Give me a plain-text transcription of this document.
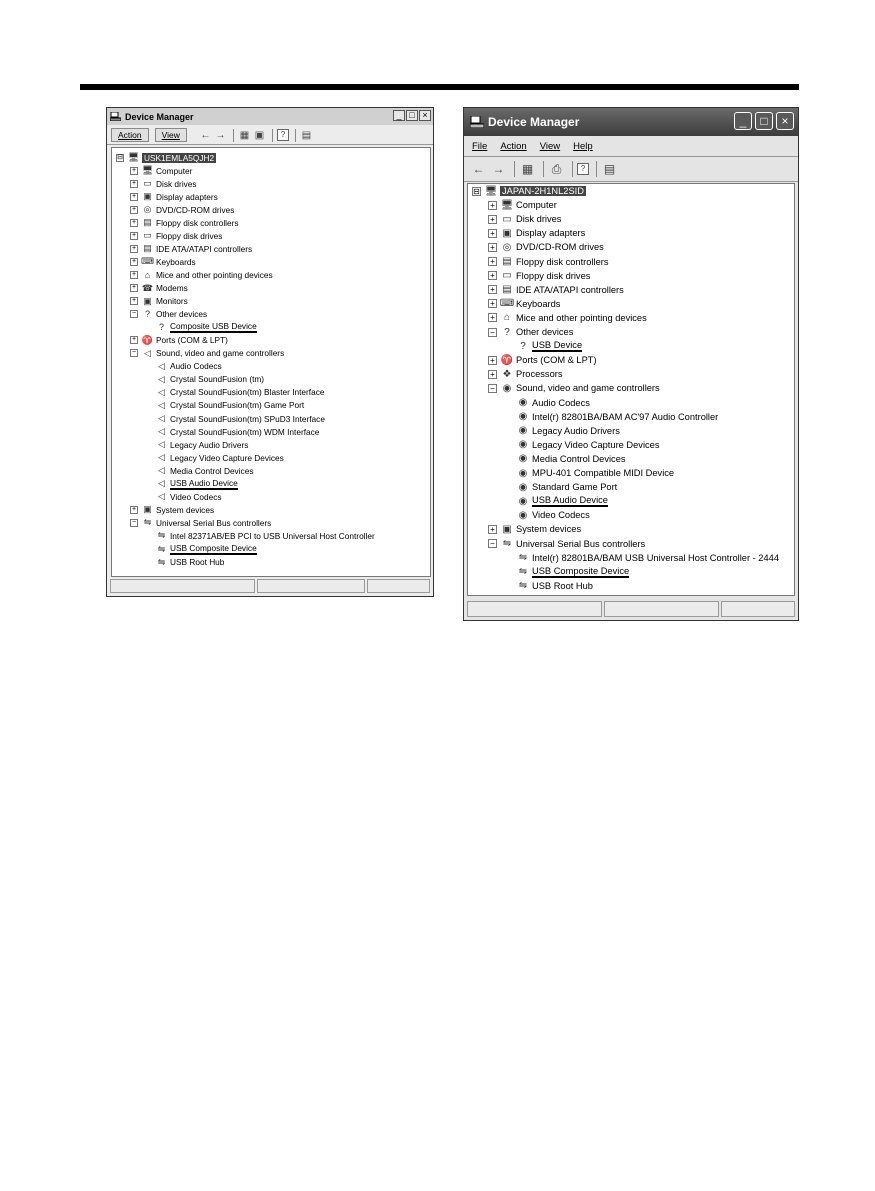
Device Manager	_ □ ×
Action	View	← → ▦ ▣	?	▤
⊟ 🖥 USK1EMLA5QJH2
+ 🖥 Computer
+ ▭ Disk drives
+ ▣ Display adapters
+ ◎ DVD/CD-ROM drives
+ ▤ Floppy disk controllers
+ ▭ Floppy disk drives
+ ▤ IDE ATA/ATAPI controllers
+ ⌨ Keyboards
+ ⌂ Mice and other pointing devices
+ ☎ Modems
+ ▣ Monitors
− ? Other devices
? Composite USB Device
+ ♈ Ports (COM & LPT)
− ◁ Sound, video and game controllers
◁ Audio Codecs
◁ Crystal SoundFusion (tm)
◁ Crystal SoundFusion(tm) Blaster Interface
◁ Crystal SoundFusion(tm) Game Port
◁ Crystal SoundFusion(tm) SPuD3 Interface
◁ Crystal SoundFusion(tm) WDM Interface
◁ Legacy Audio Drivers
◁ Legacy Video Capture Devices
◁ Media Control Devices
◁ USB Audio Device
◁ Video Codecs
+ ▣ System devices
− ⇋ Universal Serial Bus controllers
⇋ Intel 82371AB/EB PCI to USB Universal Host Controller
⇋ USB Composite Device
⇋ USB Root Hub
Device Manager	_	□	×
File Action View Help
← → ▦	⎙	?	▤
⊟ 🖥 JAPAN-2H1NL2SID
+ 🖥 Computer
+ ▭ Disk drives
+ ▣ Display adapters
+ ◎ DVD/CD-ROM drives
+ ▤ Floppy disk controllers
+ ▭ Floppy disk drives
+ ▤ IDE ATA/ATAPI controllers
+ ⌨ Keyboards
+ ⌂ Mice and other pointing devices
− ? Other devices
? USB Device
+ ♈ Ports (COM & LPT)
+ ❖ Processors
− ◉ Sound, video and game controllers
◉ Audio Codecs
◉ Intel(r) 82801BA/BAM AC'97 Audio Controller
◉ Legacy Audio Drivers
◉ Legacy Video Capture Devices
◉ Media Control Devices
◉ MPU-401 Compatible MIDI Device
◉ Standard Game Port
◉ USB Audio Device
◉ Video Codecs
+ ▣ System devices
− ⇋ Universal Serial Bus controllers
⇋ Intel(r) 82801BA/BAM USB Universal Host Controller - 2444
⇋ USB Composite Device
⇋ USB Root Hub
